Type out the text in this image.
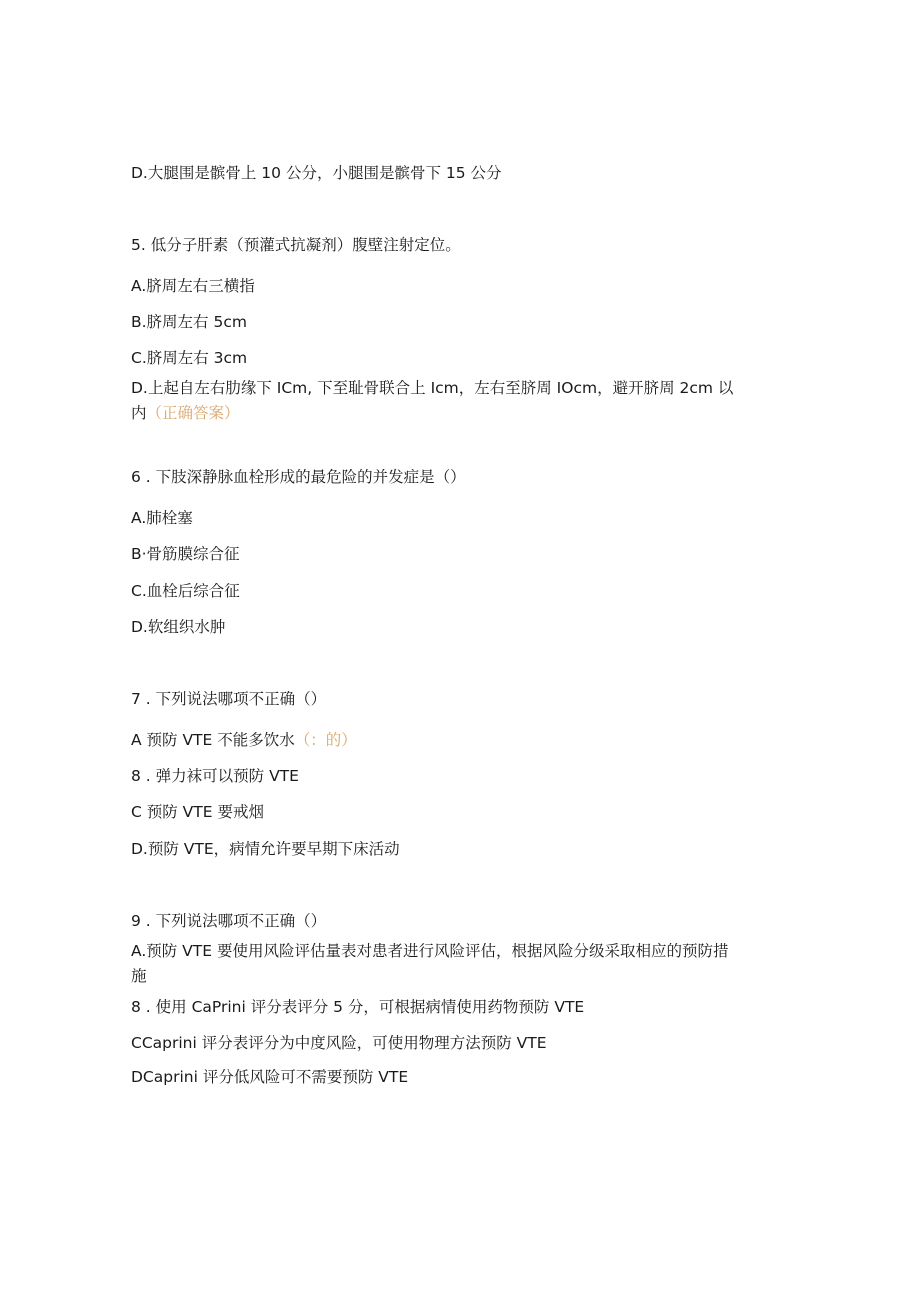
D.大腿围是髌骨上 10 公分，小腿围是髌骨下 15 公分
5. 低分子肝素（预灌式抗凝剂）腹壁注射定位。
A.脐周左右三横指
B.脐周左右 5cm
C.脐周左右 3cm
D.上起自左右肋缘下 ICm, 下至耻骨联合上 Icm，左右至脐周 IOcm，避开脐周 2cm 以
内（正确答案）
6 . 下肢深静脉血栓形成的最危险的并发症是（）
A.肺栓塞
B·骨筋膜综合征
C.血栓后综合征
D.软组织水肿
7 . 下列说法哪项不正确（）
A 预防 VTE 不能多饮水（：的）
8 . 弹力袜可以预防 VTE
C 预防 VTE 要戒烟
D.预防 VTE，病情允许要早期下床活动
9 . 下列说法哪项不正确（）
A.预防 VTE 要使用风险评估量表对患者进行风险评估，根据风险分级采取相应的预防措
施
8 . 使用 CaPrini 评分表评分 5 分，可根据病情使用药物预防 VTE
CCaprini 评分表评分为中度风险，可使用物理方法预防 VTE
DCaprini 评分低风险可不需要预防 VTE
